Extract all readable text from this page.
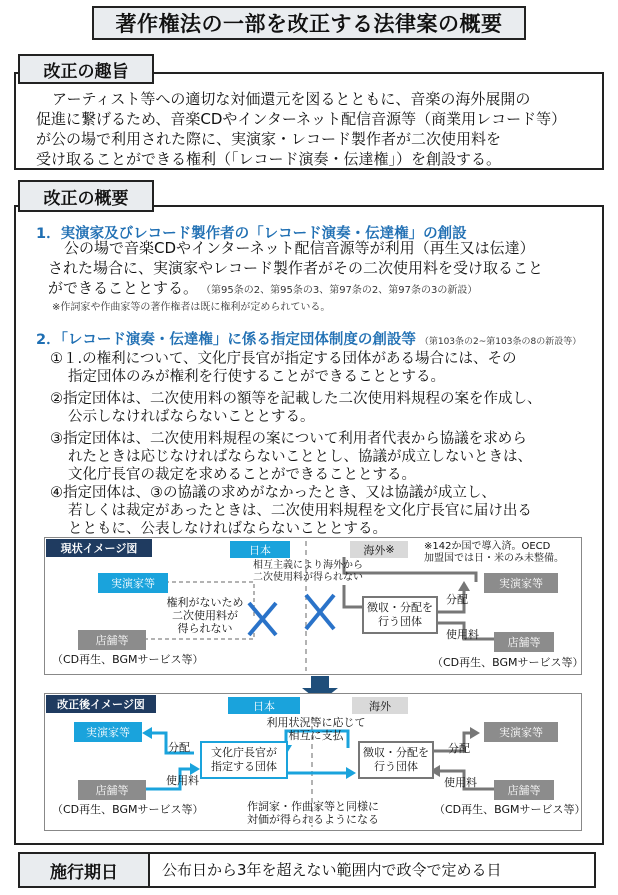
著作権法の一部を改正する法律案の概要
改正の趣旨
アーティスト等への適切な対価還元を図るとともに、音楽の海外展開の
促進に繋げるため、音楽CDやインターネット配信音源等（商業用レコード等）
が公の場で利用された際に、実演家・レコード製作者が二次使用料を
受け取ることができる権利（「レコード演奏・伝達権」）を創設する。
改正の概要
1．実演家及びレコード製作者の「レコード演奏・伝達権」の創設
公の場で音楽CDやインターネット配信音源等が利用（再生又は伝達）
された場合に、実演家やレコード製作者がその二次使用料を受け取ること
ができることとする。 （第95条の2、第95条の3、第97条の2、第97条の3の新設）
※作詞家や作曲家等の著作権者は既に権利が定められている。
2．「レコード演奏・伝達権」に係る指定団体制度の創設等 （第103条の2~第103条の8の新設等）
①１.の権利について、文化庁長官が指定する団体がある場合には、その
指定団体のみが権利を行使することができることとする。
②指定団体は、二次使用料の額等を記載した二次使用料規程の案を作成し、
公示しなければならないこととする。
③指定団体は、二次使用料規程の案について利用者代表から協議を求めら
れたときは応じなければならないこととし、協議が成立しないときは、
文化庁長官の裁定を求めることができることとする。
④指定団体は、③の協議の求めがなかったとき、又は協議が成立し、
若しくは裁定があったときは、二次使用料規程を文化庁長官に届け出る
とともに、公表しなければならないこととする。
現状イメージ図	日本	海外 ※	※142か国で導入済。OECD
加盟国では日・米のみ未整備。
相互主義により海外から
二次使用料が得られない
実演家等
権利がないため
二次使用料が
得られない
店舗等
（CD再生、BGMサービス等）
実演家等
徴収・分配を
行う団体
分配
使用料
店舗等
（CD再生、BGMサービス等）
改正後イメージ図	日本	海外
利用状況等に応じて
相互に支払
実演家等
分配 文化庁長官が
指定する団体
使用料
店舗等
（CD再生、BGMサービス等）	作詞家・作曲家等と同様に
対価が得られるようになる
徴収・分配を
行う団体
分配
使用料
実演家等
店舗等
（CD再生、BGMサービス等）
施行期日	公布日から3年を超えない範囲内で政令で定める日
